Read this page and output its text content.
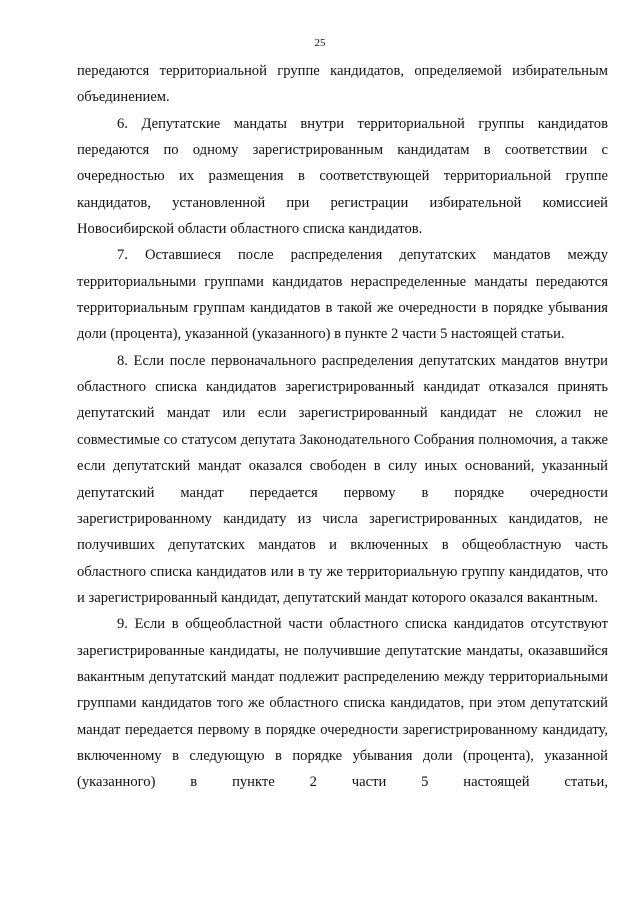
25

передаются территориальной группе кандидатов, определяемой избирательным объединением.

6. Депутатские мандаты внутри территориальной группы кандидатов передаются по одному зарегистрированным кандидатам в соответствии с очередностью их размещения в соответствующей территориальной группе кандидатов, установленной при регистрации избирательной комиссией Новосибирской области областного списка кандидатов.

7. Оставшиеся после распределения депутатских мандатов между территориальными группами кандидатов нераспределенные мандаты передаются территориальным группам кандидатов в такой же очередности в порядке убывания доли (процента), указанной (указанного) в пункте 2 части 5 настоящей статьи.

8. Если после первоначального распределения депутатских мандатов внутри областного списка кандидатов зарегистрированный кандидат отказался принять депутатский мандат или если зарегистрированный кандидат не сложил не совместимые со статусом депутата Законодательного Собрания полномочия, а также если депутатский мандат оказался свободен в силу иных оснований, указанный депутатский мандат передается первому в порядке очередности зарегистрированному кандидату из числа зарегистрированных кандидатов, не получивших депутатских мандатов и включенных в общеобластную часть областного списка кандидатов или в ту же территориальную группу кандидатов, что и зарегистрированный кандидат, депутатский мандат которого оказался вакантным.

9. Если в общеобластной части областного списка кандидатов отсутствуют зарегистрированные кандидаты, не получившие депутатские мандаты, оказавшийся вакантным депутатский мандат подлежит распределению между территориальными группами кандидатов того же областного списка кандидатов, при этом депутатский мандат передается первому в порядке очередности зарегистрированному кандидату, включенному в следующую в порядке убывания доли (процента), указанной (указанного) в пункте 2 части 5 настоящей статьи,
